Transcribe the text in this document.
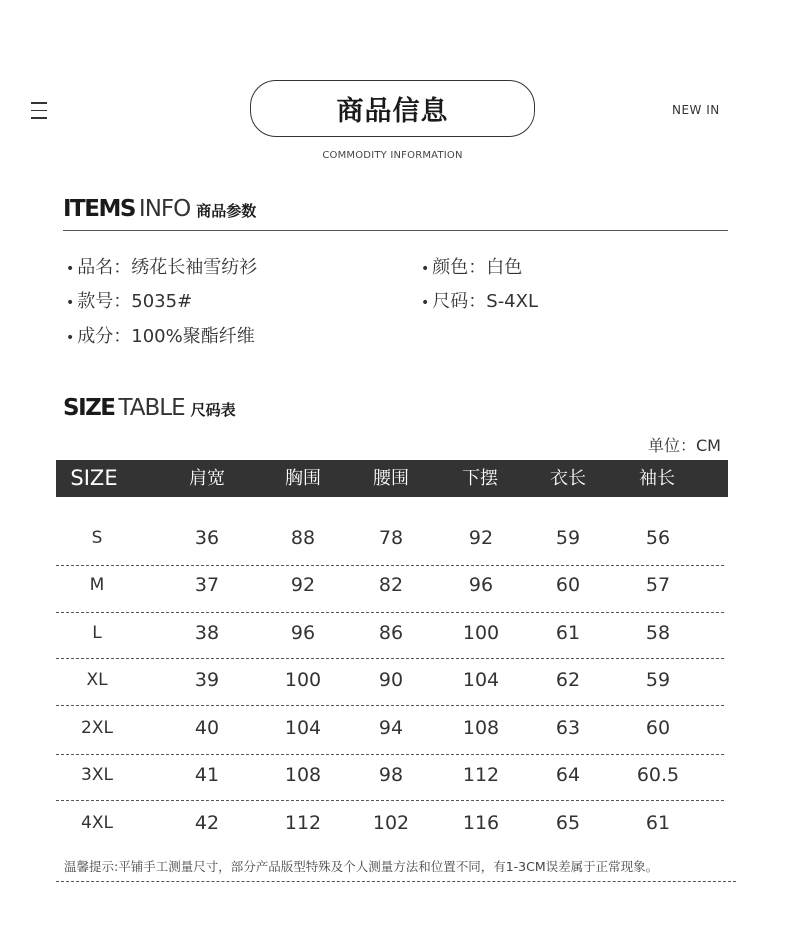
商品信息
COMMODITY INFORMATION
NEW IN
ITEMS INFO 商品参数
• 品名：绣花长袖雪纺衫	• 颜色：白色
• 款号：5035#	• 尺码：S-4XL
• 成分：100%聚酯纤维
SIZE TABLE 尺码表
单位：CM
SIZE	肩宽	胸围	腰围	下摆	衣长	袖长
S	36	88	78	92	59	56
M	37	92	82	96	60	57
L	38	96	86	100	61	58
XL	39	100	90	104	62	59
2XL	40	104	94	108	63	60
3XL	41	108	98	112	64	60.5
4XL	42	112	102	116	65	61
温馨提示:平铺手工测量尺寸，部分产品版型特殊及个人测量方法和位置不同，有1-3CM误差属于正常现象。
